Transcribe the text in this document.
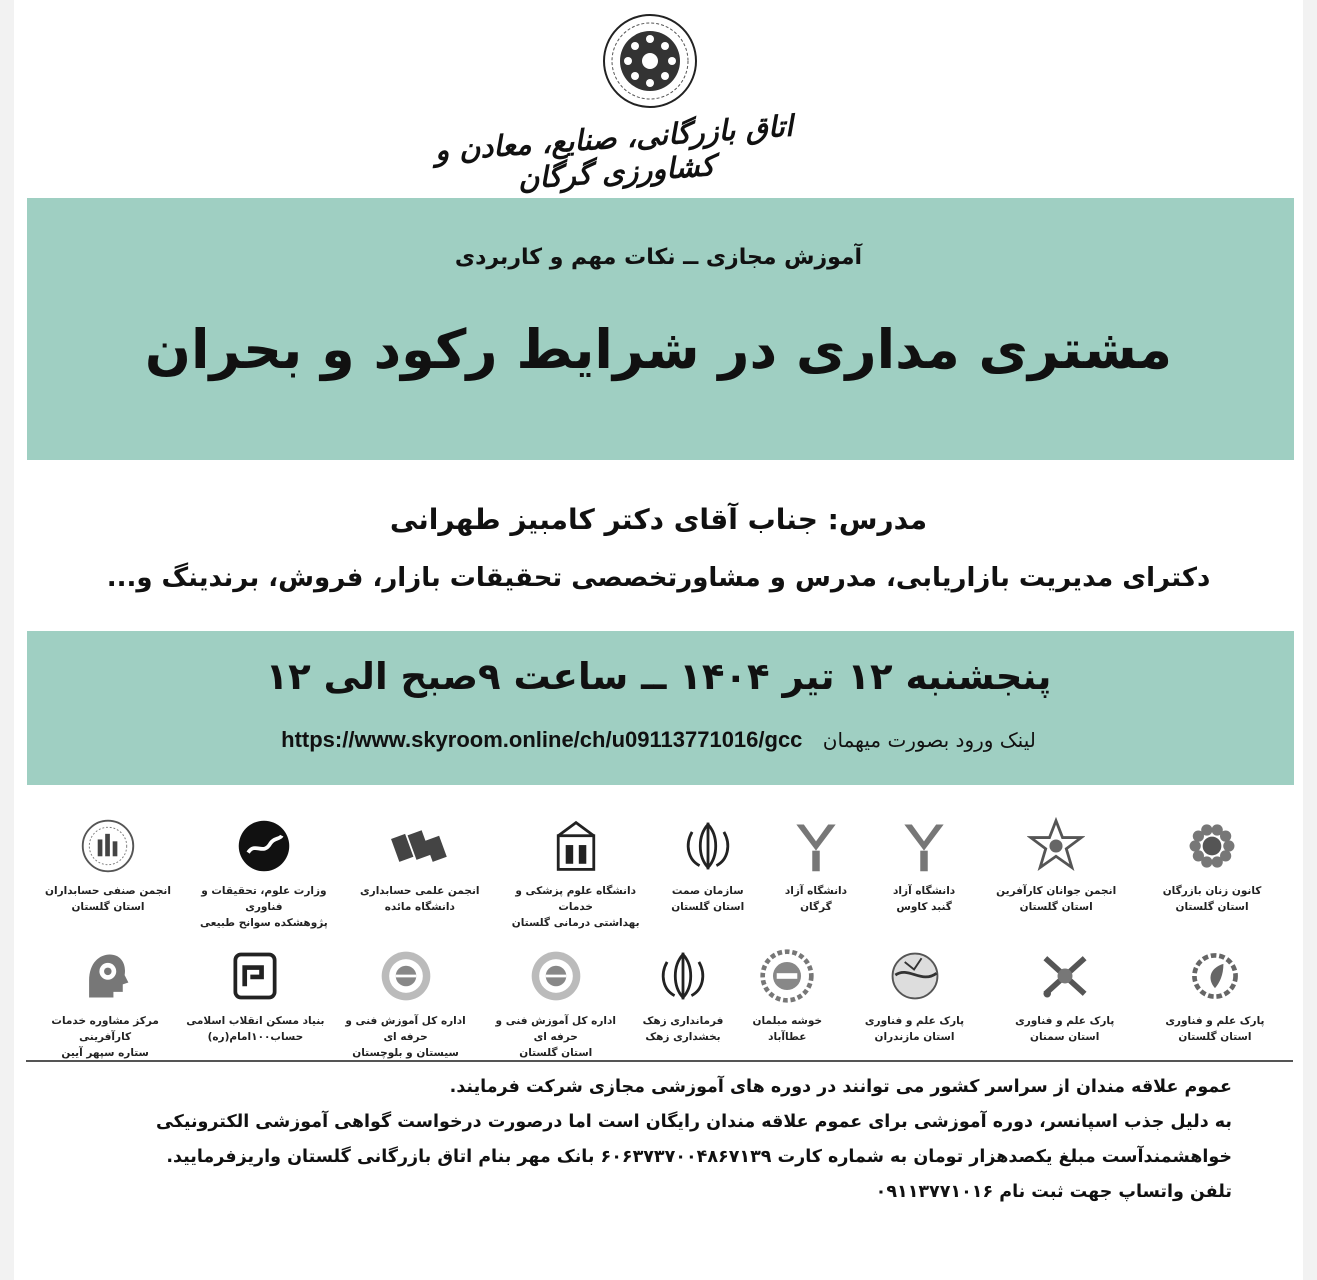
اتاق بازرگانی، صنایع، معادن و کشاورزی گرگان
آموزش مجازی ــ نکات مهم و کاربردی
مشتری مداری در شرایط رکود و بحران
مدرس: جناب آقای دکتر کامبیز طهرانی
دکترای مدیریت بازاریابی، مدرس و مشاورتخصصی تحقیقات بازار، فروش، برندینگ و...
پنجشنبه ۱۲ تیر ۱۴۰۴ ــ ساعت ۹صبح الی ۱۲
لینک ورود بصورت میهمان https://www.skyroom.online/ch/u09113771016/gcc
کانون زنان بازرگان
استان گلستان
انجمن جوانان کارآفرین
استان گلستان
دانشگاه آزاد
گنبد کاوس
دانشگاه آزاد
گرگان
سازمان صمت
استان گلستان
دانشگاه علوم پزشکی و خدمات
بهداشتی درمانی گلستان
انجمن علمی حسابداری
دانشگاه مائده
وزارت علوم، تحقیقات و فناوری
پژوهشکده سوانح طبیعی
انجمن صنفی حسابداران
استان گلستان
پارک علم و فناوری
استان گلستان
پارک علم و فناوری
استان سمنان
پارک علم و فناوری
استان مازندران
خوشه مبلمان
عطاآباد
فرمانداری زهک
بخشداری زهک
اداره کل آموزش فنی و حرفه ای
استان گلستان
اداره کل آموزش فنی و حرفه ای
سیستان و بلوچستان
بنیاد مسکن انقلاب اسلامی
حساب۱۰۰امام(ره)
مرکز مشاوره خدمات کارآفرینی
ستاره سپهر آیین

عموم علاقه مندان از سراسر کشور می توانند در دوره های آموزشی مجازی شرکت فرمایند.

به دلیل جذب اسپانسر، دوره آموزشی برای عموم علاقه مندان رایگان است اما درصورت درخواست گواهی آموزشی الکترونیکی

خواهشمندآست مبلغ یکصدهزار تومان به شماره کارت ۶۰۶۳۷۳۷۰۰۴۸۶۷۱۳۹ بانک مهر بنام اتاق بازرگانی گلستان واریزفرمایید.

تلفن واتساپ جهت ثبت نام ۰۹۱۱۳۷۷۱۰۱۶
